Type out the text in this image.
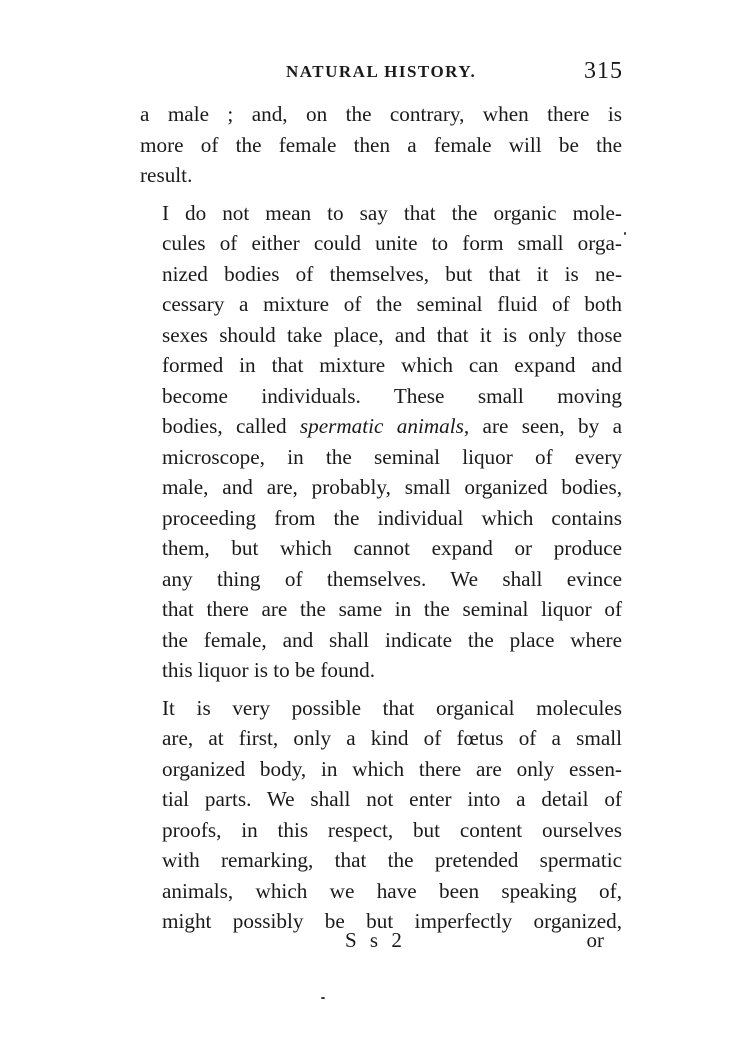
NATURAL HISTORY.	315

a male ; and, on the contrary, when there is
more of the female then a female will be the
result.

I do not mean to say that the organic mole-
cules of either could unite to form small orga-
nized bodies of themselves, but that it is ne-
cessary a mixture of the seminal fluid of both
sexes should take place, and that it is only those
formed in that mixture which can expand and
become individuals. These small moving
bodies, called spermatic animals, are seen, by a
microscope, in the seminal liquor of every
male, and are, probably, small organized bodies,
proceeding from the individual which contains
them, but which cannot expand or produce
any thing of themselves. We shall evince
that there are the same in the seminal liquor of
the female, and shall indicate the place where
this liquor is to be found.

It is very possible that organical molecules
are, at first, only a kind of fœtus of a small
organized body, in which there are only essen-
tial parts. We shall not enter into a detail of
proofs, in this respect, but content ourselves
with remarking, that the pretended spermatic
animals, which we have been speaking of,
might possibly be but imperfectly organized,

S s 2	or
